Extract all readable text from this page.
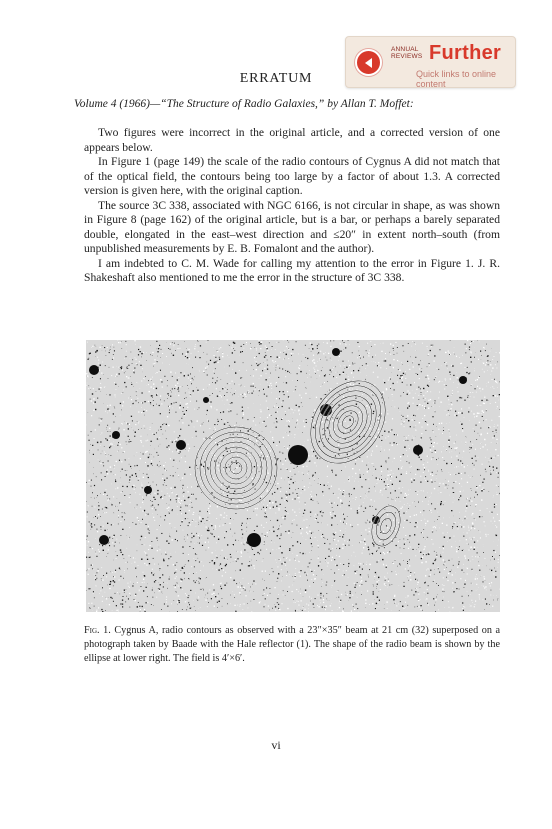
ANNUAL
REVIEWS Further
Quick links to online content
ERRATUM
Volume 4 (1966)—“The Structure of Radio Galaxies,” by Allan T. Moffet:

Two figures were incorrect in the original article, and a corrected version of one appears below.

In Figure 1 (page 149) the scale of the radio contours of Cygnus A did not match that of the optical field, the contours being too large by a factor of about 1.3. A corrected version is given here, with the original caption.

The source 3C 338, associated with NGC 6166, is not circular in shape, as was shown in Figure 8 (page 162) of the original article, but is a bar, or perhaps a barely separated double, elongated in the east–west direction and ≤20″ in extent north–south (from unpublished measurements by E. B. Fomalont and the author).

I am indebted to C. M. Wade for calling my attention to the error in Figure 1. J. R. Shakeshaft also mentioned to me the error in the structure of 3C 338.

Fig. 1. Cygnus A, radio contours as observed with a 23″×35″ beam at 21 cm (32) superposed on a photograph taken by Baade with the Hale reflector (1). The shape of the radio beam is shown by the ellipse at lower right. The field is 4′×6′.
vi
